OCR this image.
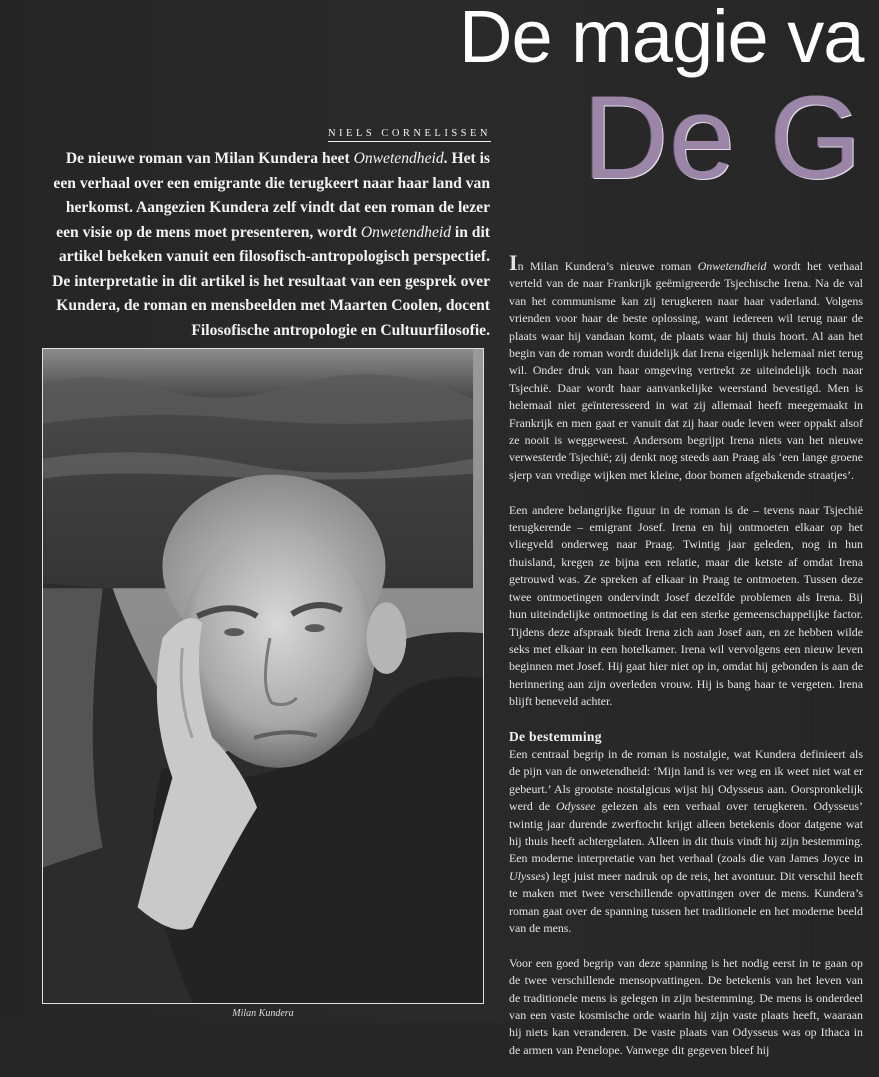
De magie va
De G
NIELS CORNELISSEN
De nieuwe roman van Milan Kundera heet Onwetendheid. Het is een verhaal over een emigrante die terugkeert naar haar land van herkomst. Aangezien Kundera zelf vindt dat een roman de lezer een visie op de mens moet presenteren, wordt Onwetendheid in dit artikel bekeken vanuit een filosofisch-antropologisch perspectief. De interpretatie in dit artikel is het resultaat van een gesprek over Kundera, de roman en mensbeelden met Maarten Coolen, docent Filosofische antropologie en Cultuurfilosofie.
Milan Kundera

In Milan Kundera’s nieuwe roman Onwetendheid wordt het verhaal verteld van de naar Frankrijk geëmigreerde Tsjechische Irena. Na de val van het communisme kan zij terugkeren naar haar vaderland. Volgens vrienden voor haar de beste oplossing, want iedereen wil terug naar de plaats waar hij vandaan komt, de plaats waar hij thuis hoort. Al aan het begin van de roman wordt duidelijk dat Irena eigenlijk helemaal niet terug wil. Onder druk van haar omgeving vertrekt ze uiteindelijk toch naar Tsjechië. Daar wordt haar aanvankelijke weerstand bevestigd. Men is helemaal niet geïnteresseerd in wat zij allemaal heeft meegemaakt in Frankrijk en men gaat er vanuit dat zij haar oude leven weer oppakt alsof ze nooit is weggeweest. Andersom begrijpt Irena niets van het nieuwe verwesterde Tsjechië; zij denkt nog steeds aan Praag als ‘een lange groene sjerp van vredige wijken met kleine, door bomen afgebakende straatjes’.

Een andere belangrijke figuur in de roman is de – tevens naar Tsjechië terugkerende – emigrant Josef. Irena en hij ontmoeten elkaar op het vliegveld onderweg naar Praag. Twintig jaar geleden, nog in hun thuisland, kregen ze bijna een relatie, maar die ketste af omdat Irena getrouwd was. Ze spreken af elkaar in Praag te ontmoeten. Tussen deze twee ontmoetingen ondervindt Josef dezelfde problemen als Irena. Bij hun uiteindelijke ontmoeting is dat een sterke gemeenschappelijke factor. Tijdens deze afspraak biedt Irena zich aan Josef aan, en ze hebben wilde seks met elkaar in een hotelkamer. Irena wil vervolgens een nieuw leven beginnen met Josef. Hij gaat hier niet op in, omdat hij gebonden is aan de herinnering aan zijn overleden vrouw. Hij is bang haar te vergeten. Irena blijft beneveld achter.

De bestemming

Een centraal begrip in de roman is nostalgie, wat Kundera definieert als de pijn van de onwetendheid: ‘Mijn land is ver weg en ik weet niet wat er gebeurt.’ Als grootste nostalgicus wijst hij Odysseus aan. Oorspronkelijk werd de Odyssee gelezen als een verhaal over terugkeren. Odysseus’ twintig jaar durende zwerftocht krijgt alleen betekenis door datgene wat hij thuis heeft achtergelaten. Alleen in dit thuis vindt hij zijn bestemming. Een moderne interpretatie van het verhaal (zoals die van James Joyce in Ulysses) legt juist meer nadruk op de reis, het avontuur. Dit verschil heeft te maken met twee verschillende opvattingen over de mens. Kundera’s roman gaat over de spanning tussen het traditionele en het moderne beeld van de mens.

Voor een goed begrip van deze spanning is het nodig eerst in te gaan op de twee verschillende mensopvattingen. De betekenis van het leven van de traditionele mens is gelegen in zijn bestemming. De mens is onderdeel van een vaste kosmische orde waarin hij zijn vaste plaats heeft, waaraan hij niets kan veranderen. De vaste plaats van Odysseus was op Ithaca in de armen van Penelope. Vanwege dit gegeven bleef hij
